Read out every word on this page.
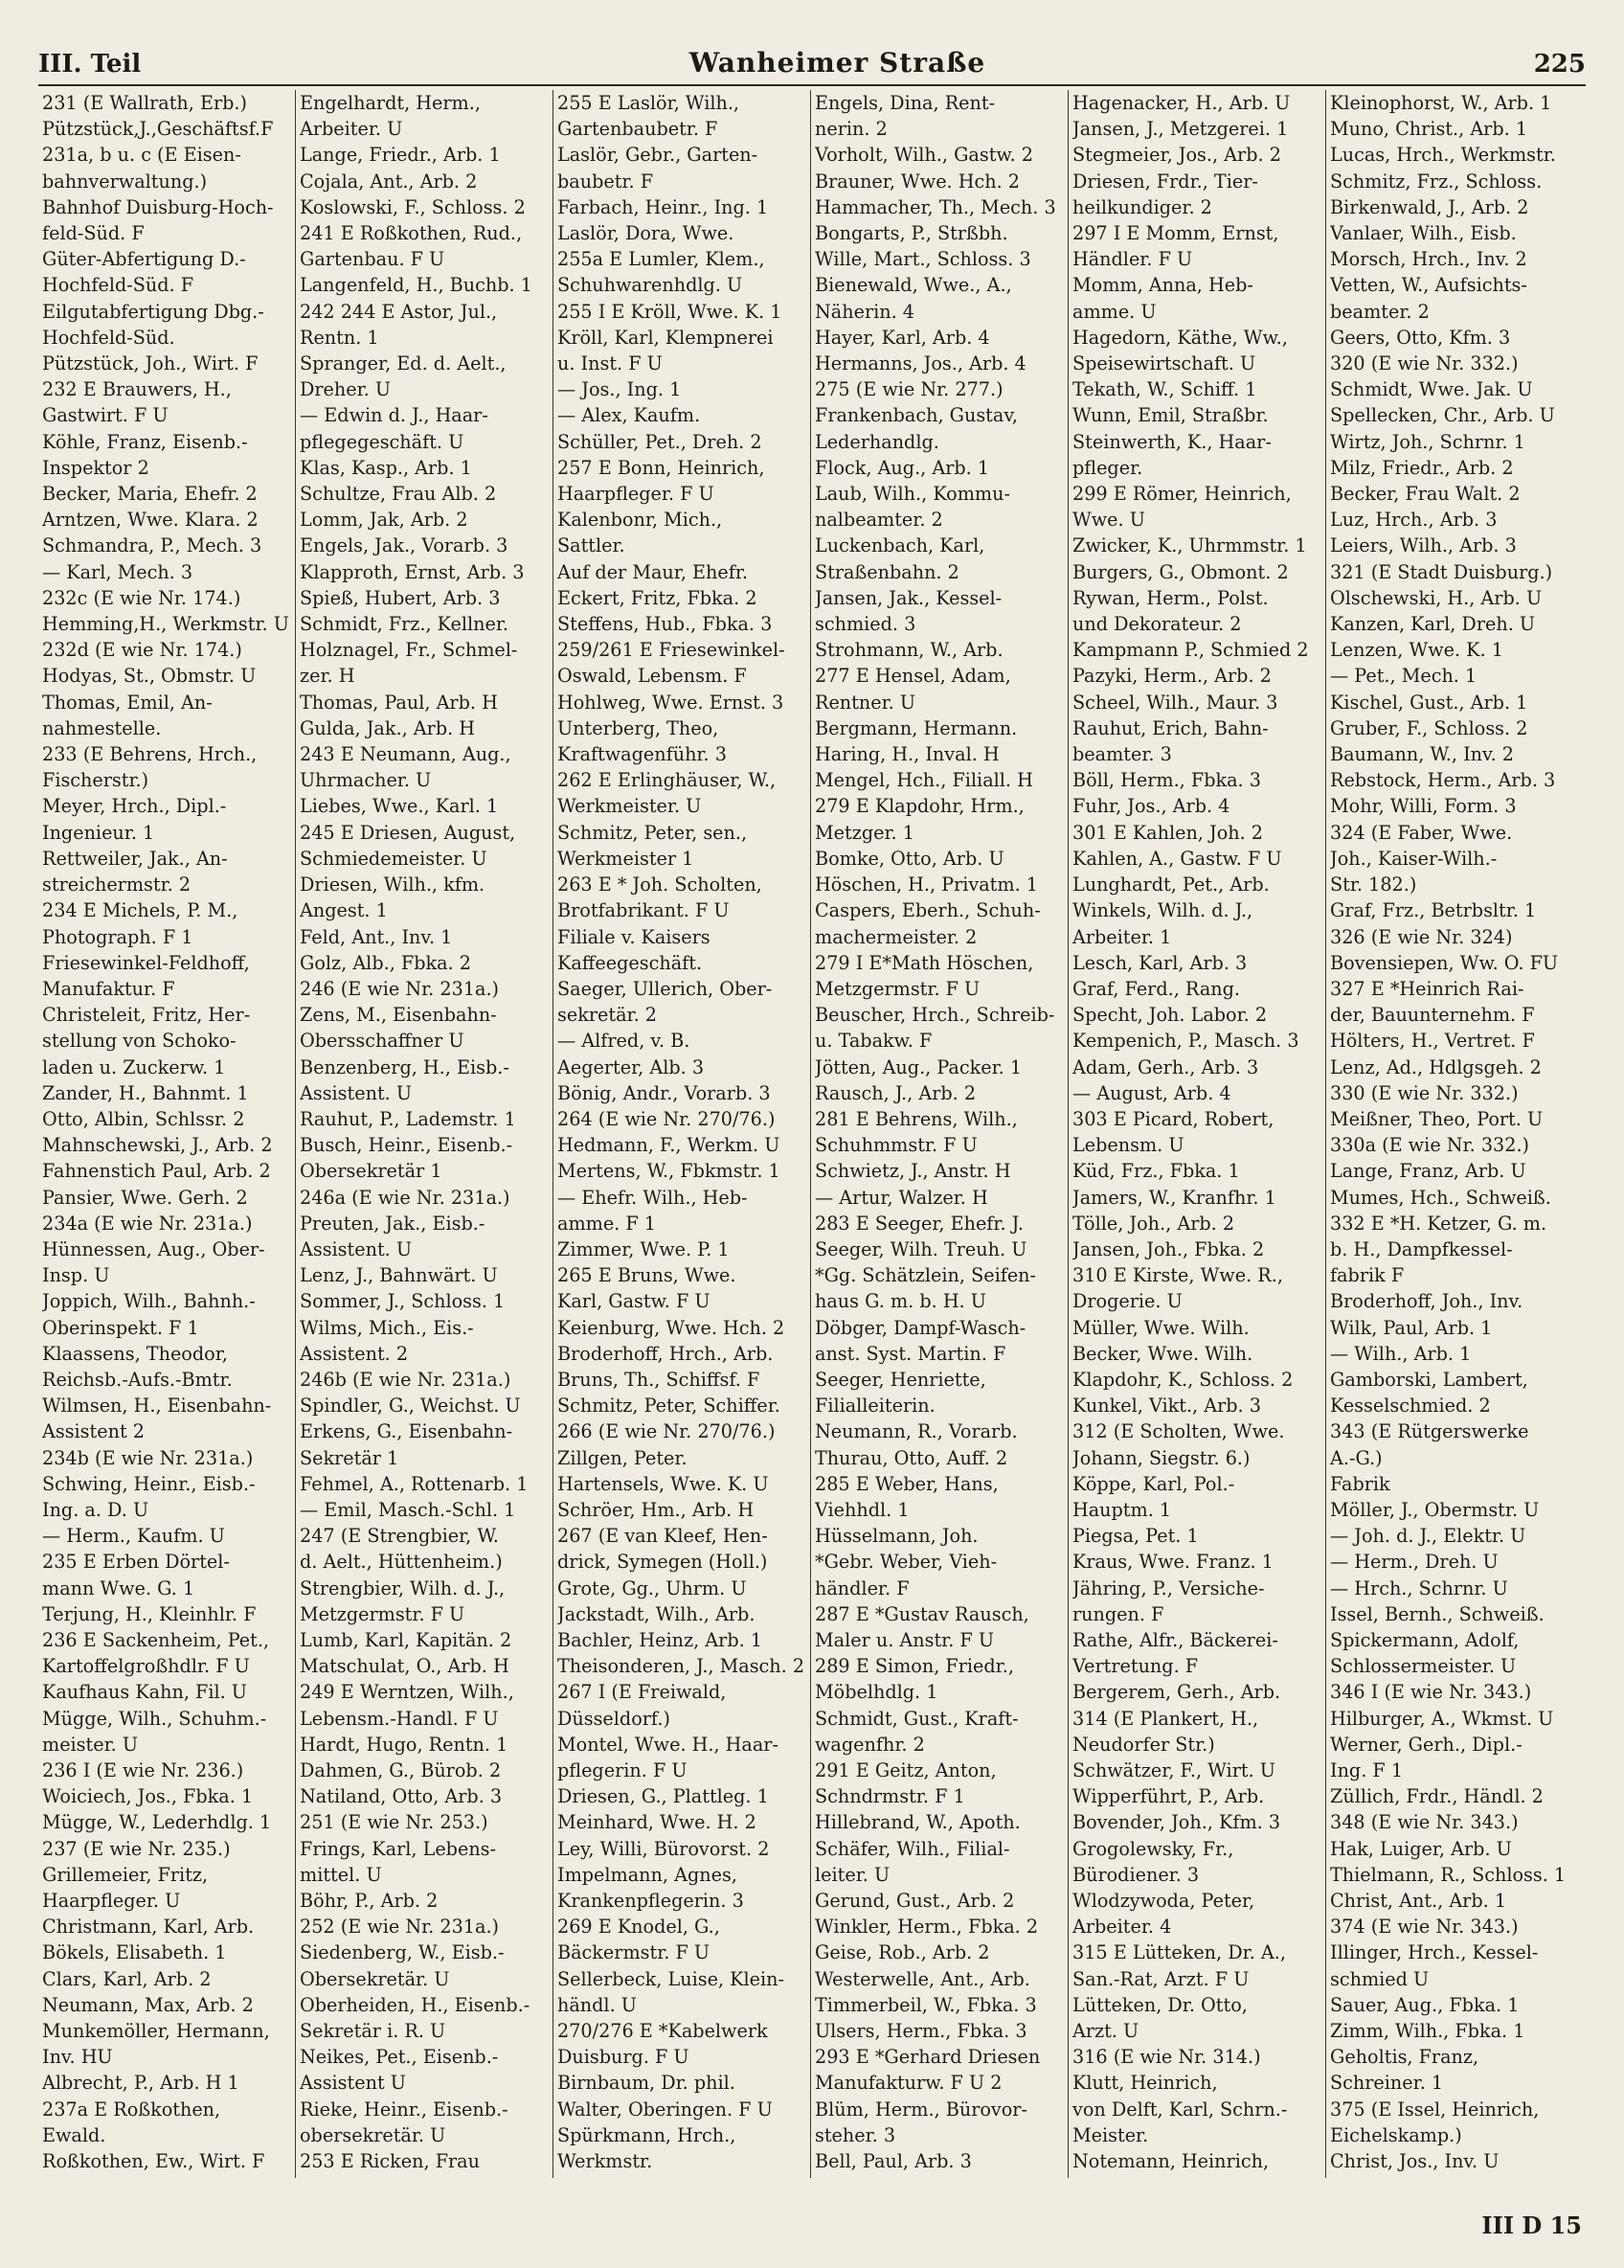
III. Teil	Wanheimer Straße	225
231 (E Wallrath, Erb.)
Pützstück,J.,Geschäftsf.F
231a, b u. c (E Eisen-
bahnverwaltung.)
Bahnhof Duisburg-Hoch-
feld-Süd. F
Güter-Abfertigung D.-
Hochfeld-Süd. F
Eilgutabfertigung Dbg.-
Hochfeld-Süd.
Pützstück, Joh., Wirt. F
232 E Brauwers, H.,
Gastwirt. F U
Köhle, Franz, Eisenb.-
Inspektor 2
Becker, Maria, Ehefr. 2
Arntzen, Wwe. Klara. 2
Schmandra, P., Mech. 3
— Karl, Mech. 3
232c (E wie Nr. 174.)
Hemming,H., Werkmstr. U
232d (E wie Nr. 174.)
Hodyas, St., Obmstr. U
Thomas, Emil, An-
nahmestelle.
233 (E Behrens, Hrch.,
Fischerstr.)
Meyer, Hrch., Dipl.-
Ingenieur. 1
Rettweiler, Jak., An-
streichermstr. 2
234 E Michels, P. M.,
Photograph. F 1
Friesewinkel-Feldhoff,
Manufaktur. F
Christeleit, Fritz, Her-
stellung von Schoko-
laden u. Zuckerw. 1
Zander, H., Bahnmt. 1
Otto, Albin, Schlssr. 2
Mahnschewski, J., Arb. 2
Fahnenstich Paul, Arb. 2
Pansier, Wwe. Gerh. 2
234a (E wie Nr. 231a.)
Hünnessen, Aug., Ober-
Insp. U
Joppich, Wilh., Bahnh.-
Oberinspekt. F 1
Klaassens, Theodor,
Reichsb.-Aufs.-Bmtr.
Wilmsen, H., Eisenbahn-
Assistent 2
234b (E wie Nr. 231a.)
Schwing, Heinr., Eisb.-
Ing. a. D. U
— Herm., Kaufm. U
235 E Erben Dörtel-
mann Wwe. G. 1
Terjung, H., Kleinhlr. F
236 E Sackenheim, Pet.,
Kartoffelgroßhdlr. F U
Kaufhaus Kahn, Fil. U
Mügge, Wilh., Schuhm.-
meister. U
236 I (E wie Nr. 236.)
Woiciech, Jos., Fbka. 1
Mügge, W., Lederhdlg. 1
237 (E wie Nr. 235.)
Grillemeier, Fritz,
Haarpfleger. U
Christmann, Karl, Arb.
Bökels, Elisabeth. 1
Clars, Karl, Arb. 2
Neumann, Max, Arb. 2
Munkemöller, Hermann,
Inv. HU
Albrecht, P., Arb. H 1
237a E Roßkothen,
Ewald.
Roßkothen, Ew., Wirt. F
Engelhardt, Herm.,
Arbeiter. U
Lange, Friedr., Arb. 1
Cojala, Ant., Arb. 2
Koslowski, F., Schloss. 2
241 E Roßkothen, Rud.,
Gartenbau. F U
Langenfeld, H., Buchb. 1
242 244 E Astor, Jul.,
Rentn. 1
Spranger, Ed. d. Aelt.,
Dreher. U
— Edwin d. J., Haar-
pflegegeschäft. U
Klas, Kasp., Arb. 1
Schultze, Frau Alb. 2
Lomm, Jak, Arb. 2
Engels, Jak., Vorarb. 3
Klapproth, Ernst, Arb. 3
Spieß, Hubert, Arb. 3
Schmidt, Frz., Kellner.
Holznagel, Fr., Schmel-
zer. H
Thomas, Paul, Arb. H
Gulda, Jak., Arb. H
243 E Neumann, Aug.,
Uhrmacher. U
Liebes, Wwe., Karl. 1
245 E Driesen, August,
Schmiedemeister. U
Driesen, Wilh., kfm.
Angest. 1
Feld, Ant., Inv. 1
Golz, Alb., Fbka. 2
246 (E wie Nr. 231a.)
Zens, M., Eisenbahn-
Obersschaffner U
Benzenberg, H., Eisb.-
Assistent. U
Rauhut, P., Lademstr. 1
Busch, Heinr., Eisenb.-
Obersekretär 1
246a (E wie Nr. 231a.)
Preuten, Jak., Eisb.-
Assistent. U
Lenz, J., Bahnwärt. U
Sommer, J., Schloss. 1
Wilms, Mich., Eis.-
Assistent. 2
246b (E wie Nr. 231a.)
Spindler, G., Weichst. U
Erkens, G., Eisenbahn-
Sekretär 1
Fehmel, A., Rottenarb. 1
— Emil, Masch.-Schl. 1
247 (E Strengbier, W.
d. Aelt., Hüttenheim.)
Strengbier, Wilh. d. J.,
Metzgermstr. F U
Lumb, Karl, Kapitän. 2
Matschulat, O., Arb. H
249 E Werntzen, Wilh.,
Lebensm.-Handl. F U
Hardt, Hugo, Rentn. 1
Dahmen, G., Bürob. 2
Natiland, Otto, Arb. 3
251 (E wie Nr. 253.)
Frings, Karl, Lebens-
mittel. U
Böhr, P., Arb. 2
252 (E wie Nr. 231a.)
Siedenberg, W., Eisb.-
Obersekretär. U
Oberheiden, H., Eisenb.-
Sekretär i. R. U
Neikes, Pet., Eisenb.-
Assistent U
Rieke, Heinr., Eisenb.-
obersekretär. U
253 E Ricken, Frau
255 E Laslör, Wilh.,
Gartenbaubetr. F
Laslör, Gebr., Garten-
baubetr. F
Farbach, Heinr., Ing. 1
Laslör, Dora, Wwe.
255a E Lumler, Klem.,
Schuhwarenhdlg. U
255 I E Kröll, Wwe. K. 1
Kröll, Karl, Klempnerei
u. Inst. F U
— Jos., Ing. 1
— Alex, Kaufm.
Schüller, Pet., Dreh. 2
257 E Bonn, Heinrich,
Haarpfleger. F U
Kalenbonr, Mich.,
Sattler.
Auf der Maur, Ehefr.
Eckert, Fritz, Fbka. 2
Steffens, Hub., Fbka. 3
259/261 E Friesewinkel-
Oswald, Lebensm. F
Hohlweg, Wwe. Ernst. 3
Unterberg, Theo,
Kraftwagenführ. 3
262 E Erlinghäuser, W.,
Werkmeister. U
Schmitz, Peter, sen.,
Werkmeister 1
263 E * Joh. Scholten,
Brotfabrikant. F U
Filiale v. Kaisers
Kaffeegeschäft.
Saeger, Ullerich, Ober-
sekretär. 2
— Alfred, v. B.
Aegerter, Alb. 3
Bönig, Andr., Vorarb. 3
264 (E wie Nr. 270/76.)
Hedmann, F., Werkm. U
Mertens, W., Fbkmstr. 1
— Ehefr. Wilh., Heb-
amme. F 1
Zimmer, Wwe. P. 1
265 E Bruns, Wwe.
Karl, Gastw. F U
Keienburg, Wwe. Hch. 2
Broderhoff, Hrch., Arb.
Bruns, Th., Schiffsf. F
Schmitz, Peter, Schiffer.
266 (E wie Nr. 270/76.)
Zillgen, Peter.
Hartensels, Wwe. K. U
Schröer, Hm., Arb. H
267 (E van Kleef, Hen-
drick, Symegen (Holl.)
Grote, Gg., Uhrm. U
Jackstadt, Wilh., Arb.
Bachler, Heinz, Arb. 1
Theisonderen, J., Masch. 2
267 I (E Freiwald,
Düsseldorf.)
Montel, Wwe. H., Haar-
pflegerin. F U
Driesen, G., Plattleg. 1
Meinhard, Wwe. H. 2
Ley, Willi, Bürovorst. 2
Impelmann, Agnes,
Krankenpflegerin. 3
269 E Knodel, G.,
Bäckermstr. F U
Sellerbeck, Luise, Klein-
händl. U
270/276 E *Kabelwerk
Duisburg. F U
Birnbaum, Dr. phil.
Walter, Oberingen. F U
Spürkmann, Hrch.,
Werkmstr.
Engels, Dina, Rent-
nerin. 2
Vorholt, Wilh., Gastw. 2
Brauner, Wwe. Hch. 2
Hammacher, Th., Mech. 3
Bongarts, P., Strßbh.
Wille, Mart., Schloss. 3
Bienewald, Wwe., A.,
Näherin. 4
Hayer, Karl, Arb. 4
Hermanns, Jos., Arb. 4
275 (E wie Nr. 277.)
Frankenbach, Gustav,
Lederhandlg.
Flock, Aug., Arb. 1
Laub, Wilh., Kommu-
nalbeamter. 2
Luckenbach, Karl,
Straßenbahn. 2
Jansen, Jak., Kessel-
schmied. 3
Strohmann, W., Arb.
277 E Hensel, Adam,
Rentner. U
Bergmann, Hermann.
Haring, H., Inval. H
Mengel, Hch., Filiall. H
279 E Klapdohr, Hrm.,
Metzger. 1
Bomke, Otto, Arb. U
Höschen, H., Privatm. 1
Caspers, Eberh., Schuh-
machermeister. 2
279 I E*Math Höschen,
Metzgermstr. F U
Beuscher, Hrch., Schreib-
u. Tabakw. F
Jötten, Aug., Packer. 1
Rausch, J., Arb. 2
281 E Behrens, Wilh.,
Schuhmmstr. F U
Schwietz, J., Anstr. H
— Artur, Walzer. H
283 E Seeger, Ehefr. J.
Seeger, Wilh. Treuh. U
*Gg. Schätzlein, Seifen-
haus G. m. b. H. U
Döbger, Dampf-Wasch-
anst. Syst. Martin. F
Seeger, Henriette,
Filialleiterin.
Neumann, R., Vorarb.
Thurau, Otto, Auff. 2
285 E Weber, Hans,
Viehhdl. 1
Hüsselmann, Joh.
*Gebr. Weber, Vieh-
händler. F
287 E *Gustav Rausch,
Maler u. Anstr. F U
289 E Simon, Friedr.,
Möbelhdlg. 1
Schmidt, Gust., Kraft-
wagenfhr. 2
291 E Geitz, Anton,
Schndrmstr. F 1
Hillebrand, W., Apoth.
Schäfer, Wilh., Filial-
leiter. U
Gerund, Gust., Arb. 2
Winkler, Herm., Fbka. 2
Geise, Rob., Arb. 2
Westerwelle, Ant., Arb.
Timmerbeil, W., Fbka. 3
Ulsers, Herm., Fbka. 3
293 E *Gerhard Driesen
Manufakturw. F U 2
Blüm, Herm., Bürovor-
steher. 3
Bell, Paul, Arb. 3
Hagenacker, H., Arb. U
Jansen, J., Metzgerei. 1
Stegmeier, Jos., Arb. 2
Driesen, Frdr., Tier-
heilkundiger. 2
297 I E Momm, Ernst,
Händler. F U
Momm, Anna, Heb-
amme. U
Hagedorn, Käthe, Ww.,
Speisewirtschaft. U
Tekath, W., Schiff. 1
Wunn, Emil, Straßbr.
Steinwerth, K., Haar-
pfleger.
299 E Römer, Heinrich,
Wwe. U
Zwicker, K., Uhrmmstr. 1
Burgers, G., Obmont. 2
Rywan, Herm., Polst.
und Dekorateur. 2
Kampmann P., Schmied 2
Pazyki, Herm., Arb. 2
Scheel, Wilh., Maur. 3
Rauhut, Erich, Bahn-
beamter. 3
Böll, Herm., Fbka. 3
Fuhr, Jos., Arb. 4
301 E Kahlen, Joh. 2
Kahlen, A., Gastw. F U
Lunghardt, Pet., Arb.
Winkels, Wilh. d. J.,
Arbeiter. 1
Lesch, Karl, Arb. 3
Graf, Ferd., Rang.
Specht, Joh. Labor. 2
Kempenich, P., Masch. 3
Adam, Gerh., Arb. 3
— August, Arb. 4
303 E Picard, Robert,
Lebensm. U
Küd, Frz., Fbka. 1
Jamers, W., Kranfhr. 1
Tölle, Joh., Arb. 2
Jansen, Joh., Fbka. 2
310 E Kirste, Wwe. R.,
Drogerie. U
Müller, Wwe. Wilh.
Becker, Wwe. Wilh.
Klapdohr, K., Schloss. 2
Kunkel, Vikt., Arb. 3
312 (E Scholten, Wwe.
Johann, Siegstr. 6.)
Köppe, Karl, Pol.-
Hauptm. 1
Piegsa, Pet. 1
Kraus, Wwe. Franz. 1
Jähring, P., Versiche-
rungen. F
Rathe, Alfr., Bäckerei-
Vertretung. F
Bergerem, Gerh., Arb.
314 (E Plankert, H.,
Neudorfer Str.)
Schwätzer, F., Wirt. U
Wipperführt, P., Arb.
Bovender, Joh., Kfm. 3
Grogolewsky, Fr.,
Bürodiener. 3
Wlodzywoda, Peter,
Arbeiter. 4
315 E Lütteken, Dr. A.,
San.-Rat, Arzt. F U
Lütteken, Dr. Otto,
Arzt. U
316 (E wie Nr. 314.)
Klutt, Heinrich,
von Delft, Karl, Schrn.-
Meister.
Notemann, Heinrich,
Kleinophorst, W., Arb. 1
Muno, Christ., Arb. 1
Lucas, Hrch., Werkmstr.
Schmitz, Frz., Schloss.
Birkenwald, J., Arb. 2
Vanlaer, Wilh., Eisb.
Morsch, Hrch., Inv. 2
Vetten, W., Aufsichts-
beamter. 2
Geers, Otto, Kfm. 3
320 (E wie Nr. 332.)
Schmidt, Wwe. Jak. U
Spellecken, Chr., Arb. U
Wirtz, Joh., Schrnr. 1
Milz, Friedr., Arb. 2
Becker, Frau Walt. 2
Luz, Hrch., Arb. 3
Leiers, Wilh., Arb. 3
321 (E Stadt Duisburg.)
Olschewski, H., Arb. U
Kanzen, Karl, Dreh. U
Lenzen, Wwe. K. 1
— Pet., Mech. 1
Kischel, Gust., Arb. 1
Gruber, F., Schloss. 2
Baumann, W., Inv. 2
Rebstock, Herm., Arb. 3
Mohr, Willi, Form. 3
324 (E Faber, Wwe.
Joh., Kaiser-Wilh.-
Str. 182.)
Graf, Frz., Betrbsltr. 1
326 (E wie Nr. 324)
Bovensiepen, Ww. O. FU
327 E *Heinrich Rai-
der, Bauunternehm. F
Hölters, H., Vertret. F
Lenz, Ad., Hdlgsgeh. 2
330 (E wie Nr. 332.)
Meißner, Theo, Port. U
330a (E wie Nr. 332.)
Lange, Franz, Arb. U
Mumes, Hch., Schweiß.
332 E *H. Ketzer, G. m.
b. H., Dampfkessel-
fabrik F
Broderhoff, Joh., Inv.
Wilk, Paul, Arb. 1
— Wilh., Arb. 1
Gamborski, Lambert,
Kesselschmied. 2
343 (E Rütgerswerke
A.-G.)
Fabrik
Möller, J., Obermstr. U
— Joh. d. J., Elektr. U
— Herm., Dreh. U
— Hrch., Schrnr. U
Issel, Bernh., Schweiß.
Spickermann, Adolf,
Schlossermeister. U
346 I (E wie Nr. 343.)
Hilburger, A., Wkmst. U
Werner, Gerh., Dipl.-
Ing. F 1
Züllich, Frdr., Händl. 2
348 (E wie Nr. 343.)
Hak, Luiger, Arb. U
Thielmann, R., Schloss. 1
Christ, Ant., Arb. 1
374 (E wie Nr. 343.)
Illinger, Hrch., Kessel-
schmied U
Sauer, Aug., Fbka. 1
Zimm, Wilh., Fbka. 1
Geholtis, Franz,
Schreiner. 1
375 (E Issel, Heinrich,
Eichelskamp.)
Christ, Jos., Inv. U
III D 15
